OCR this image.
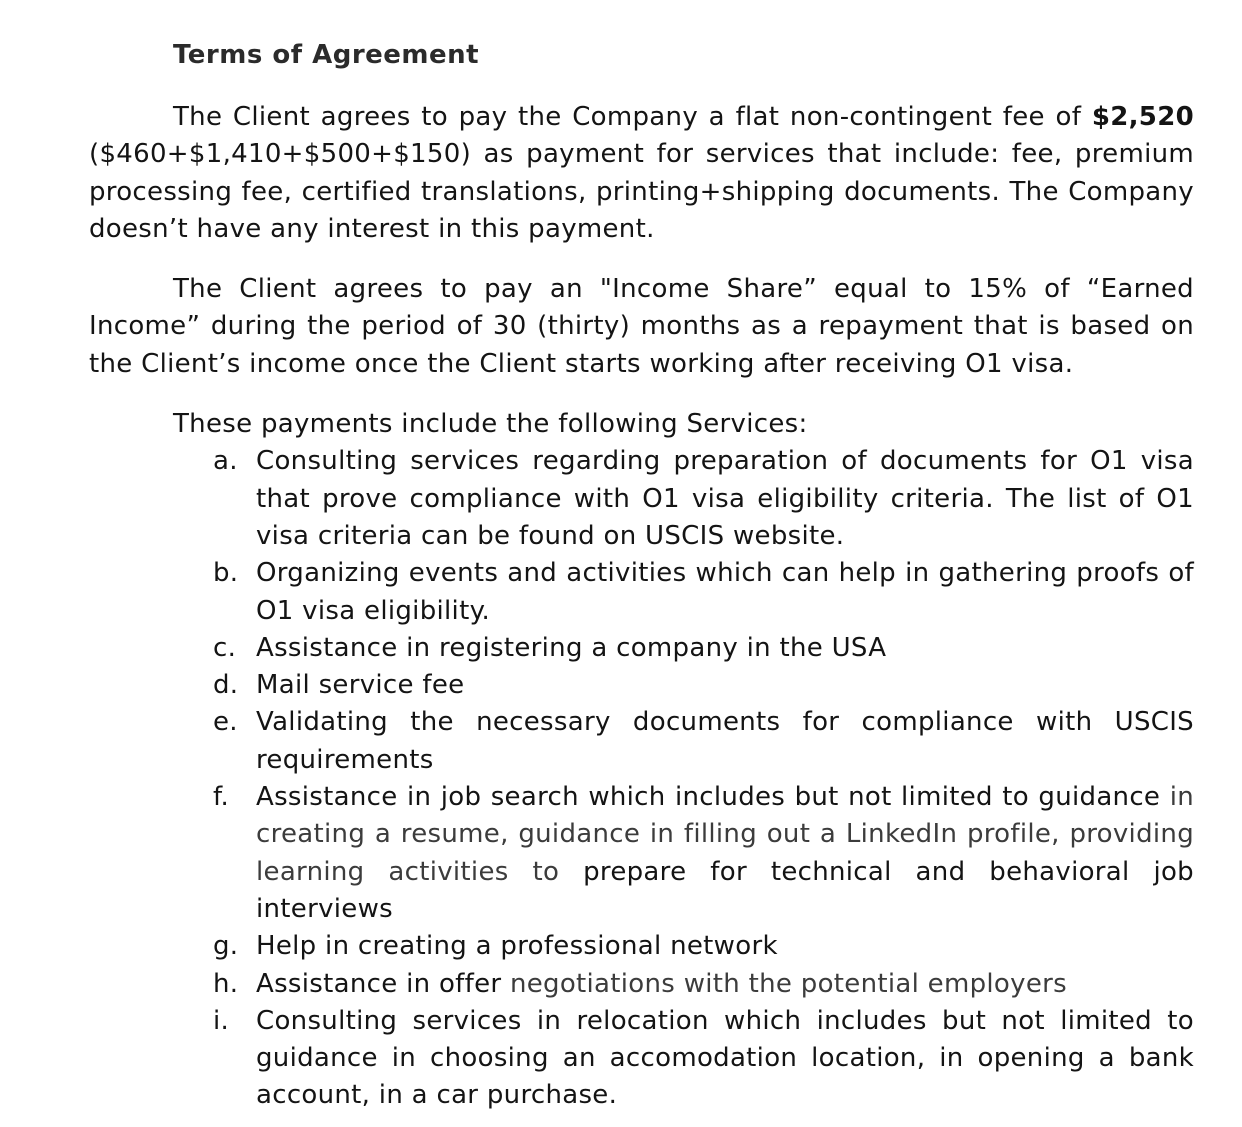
Terms of Agreement

The Client agrees to pay the Company a flat non-contingent fee of $2,520 ($460+$1,410+$500+$150) as payment for services that include: fee, premium processing fee, certified translations, printing+shipping documents. The Company doesn’t have any interest in this payment.

The Client agrees to pay an "Income Share” equal to 15% of “Earned Income” during the period of 30 (thirty) months as a repayment that is based on the Client’s income once the Client starts working after receiving O1 visa.

These payments include the following Services:
a. Consulting services regarding preparation of documents for O1 visa that prove compliance with O1 visa eligibility criteria. The list of O1 visa criteria can be found on USCIS website.
b. Organizing events and activities which can help in gathering proofs of O1 visa eligibility.
c. Assistance in registering a company in the USA
d. Mail service fee
e. Validating the necessary documents for compliance with USCIS requirements
f. Assistance in job search which includes but not limited to guidance in creating a resume, guidance in filling out a LinkedIn profile, providing learning activities to prepare for technical and behavioral job interviews
g. Help in creating a professional network
h. Assistance in offer negotiations with the potential employers
i. Consulting services in relocation which includes but not limited to guidance in choosing an accomodation location, in opening a bank account, in a car purchase.
